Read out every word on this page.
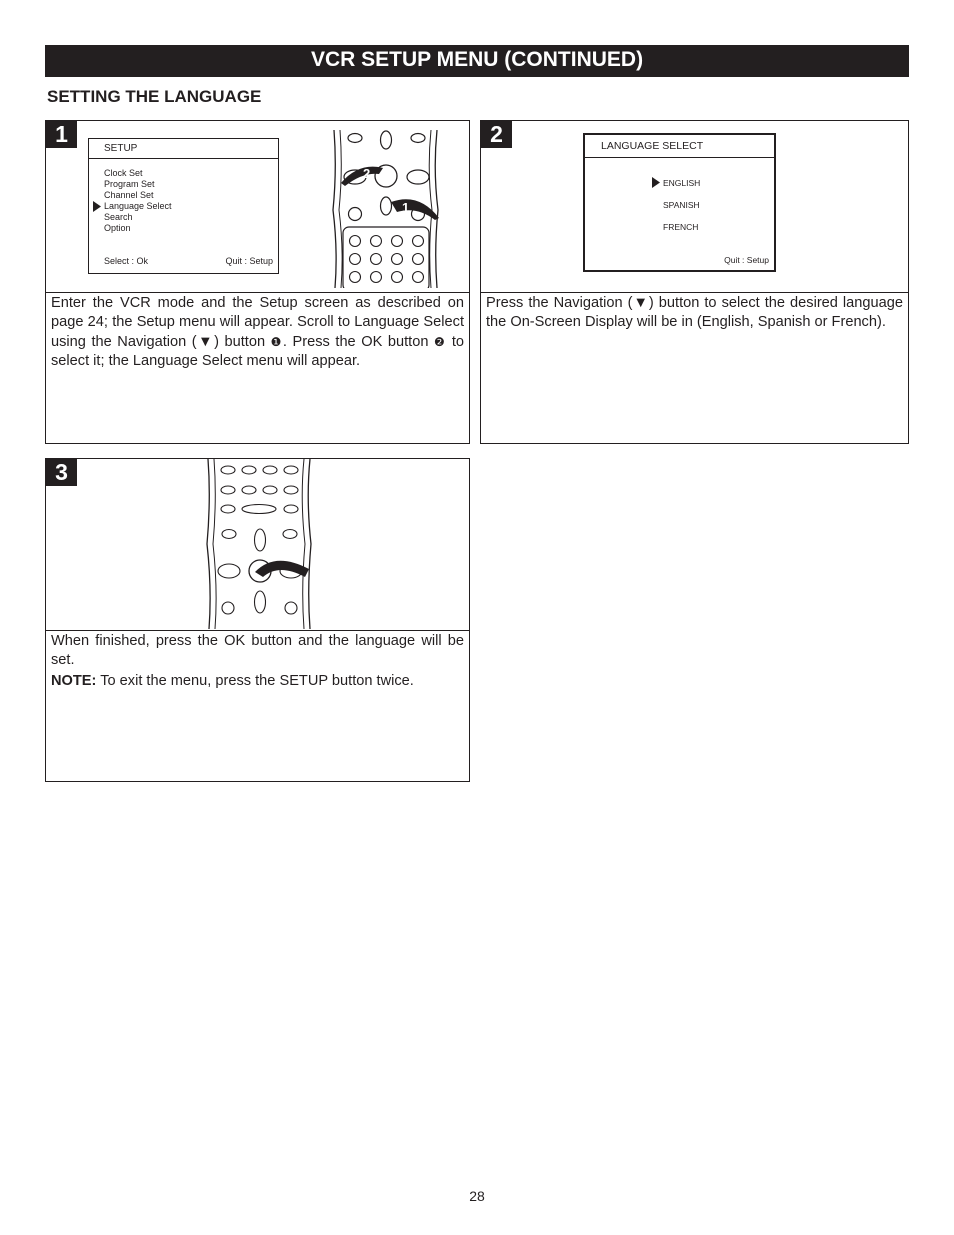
VCR SETUP MENU (CONTINUED)
SETTING THE LANGUAGE
1
SETUP
Clock Set
Program Set
Channel Set
Language Select
Search
Option
Select : Ok	Quit : Setup
2
1
Enter the VCR mode and the Setup screen as described on page 24; the Setup menu will appear. Scroll to Language Select using the Navigation (▼) button ❶. Press the OK button ❷ to select it; the Language Select menu will appear.
2	LANGUAGE SELECT
ENGLISH
SPANISH
FRENCH
Quit : Setup
Press the Navigation (▼) button to select the desired language the On-Screen Display will be in (English, Spanish or French).
3

When finished, press the OK button and the language will be set.

NOTE: To exit the menu, press the SETUP button twice.

28
